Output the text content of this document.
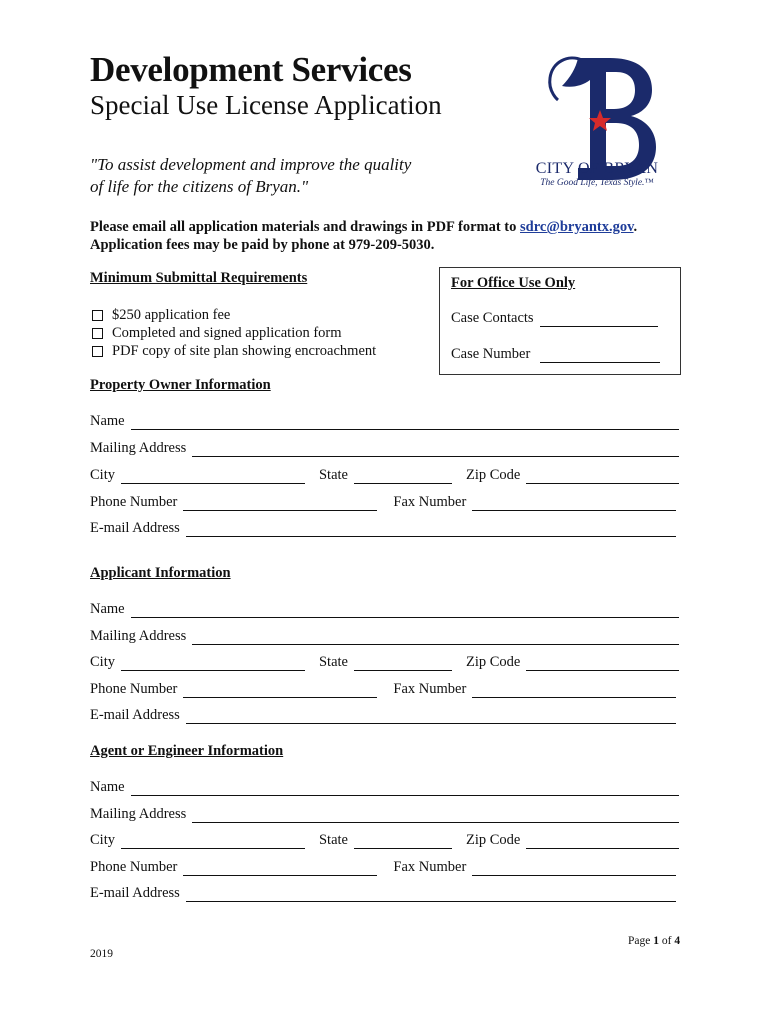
Development Services
Special Use License Application
"To assist development and improve the quality
of life for the citizens of Bryan."
CITY OF BRYAN
The Good Life, Texas Style.™
Please email all application materials and drawings in PDF format to sdrc@bryantx.gov.
Application fees may be paid by phone at 979-209-5030.
Minimum Submittal Requirements
$250 application fee
Completed and signed application form
PDF copy of site plan showing encroachment
For Office Use Only
Case Contacts
Case Number
Property Owner Information
Name
Mailing Address
City	State	Zip Code
Phone Number	Fax Number
E-mail Address
Applicant Information
Name
Mailing Address
City	State	Zip Code
Phone Number	Fax Number
E-mail Address
Agent or Engineer Information
Name
Mailing Address
City	State	Zip Code
Phone Number	Fax Number
E-mail Address
Page 1 of 4
2019
